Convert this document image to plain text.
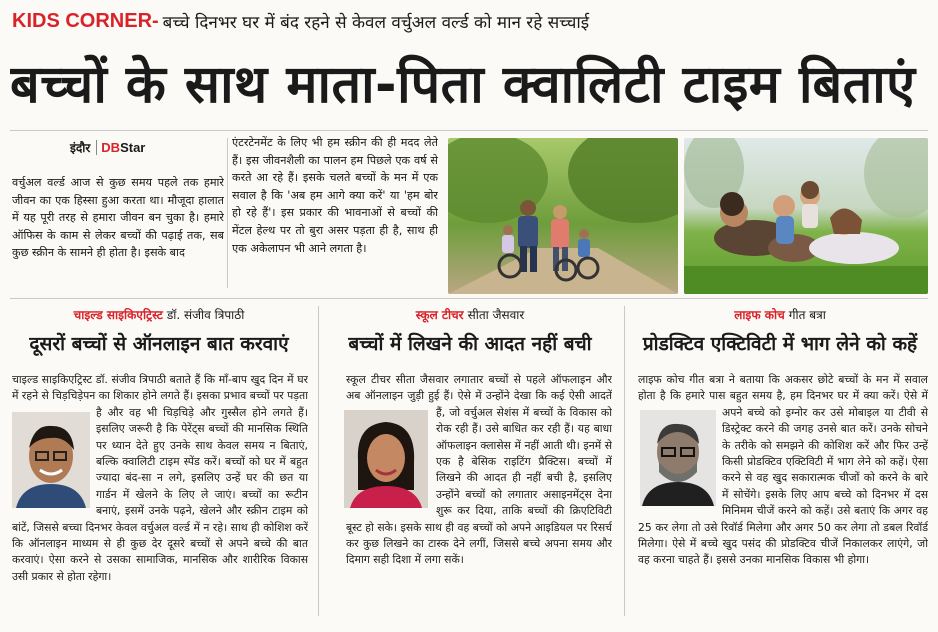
KIDS CORNER- बच्चे दिनभर घर में बंद रहने से केवल वर्चुअल वर्ल्ड को मान रहे सच्चाई
बच्चों के साथ माता-पिता क्वालिटी टाइम बिताएं
इंदौर DBStar
वर्चुअल वर्ल्ड आज से कुछ समय पहले तक हमारे जीवन का एक हिस्सा हुआ करता था। मौजूदा हालात में यह पूरी तरह से हमारा जीवन बन चुका है। हमारे ऑफिस के काम से लेकर बच्चों की पढ़ाई तक, सब कुछ स्क्रीन के सामने ही होता है। इसके बाद
एंटरटेनमेंट के लिए भी हम स्क्रीन की ही मदद लेते हैं। इस जीवनशैली का पालन हम पिछले एक वर्ष से करते आ रहे हैं। इसके चलते बच्चों के मन में एक सवाल है कि 'अब हम आगे क्या करें' या 'हम बोर हो रहे हैं'। इस प्रकार की भावनाओं से बच्चों की मेंटल हेल्थ पर तो बुरा असर पड़ता ही है, साथ ही एक अकेलापन भी आने लगता है।
चाइल्ड साइकिएट्रिस्ट डॉ. संजीव त्रिपाठी
दूसरों बच्चों से ऑनलाइन बात करवाएं
चाइल्ड साइकिएट्रिस्ट डॉ. संजीव त्रिपाठी बताते हैं कि माँ-बाप खुद दिन में घर में रहने से चिड़चिड़ेपन का शिकार होने लगते हैं। इसका प्रभाव बच्चों पर पड़ता है और वह भी चिड़चिड़े और गुस्सैल होने लगते हैं। इसलिए जरूरी है कि पेरेंट्स बच्चों की मानसिक स्थिति पर ध्यान देते हुए उनके साथ केवल समय न बिताएं, बल्कि क्वालिटी टाइम स्पेंड करें। बच्चों को घर में बहुत ज्यादा बंद-सा न लगे, इसलिए उन्हें घर की छत या गार्डन में खेलने के लिए ले जाएं। बच्चों का रूटीन बनाएं, इसमें उनके पढ़ने, खेलने और स्क्रीन टाइम को बांटें, जिससे बच्चा दिनभर केवल वर्चुअल वर्ल्ड में न रहे। साथ ही कोशिश करें कि ऑनलाइन माध्यम से ही कुछ देर दूसरे बच्चों से अपने बच्चे की बात करवाएं। ऐसा करने से उसका सामाजिक, मानसिक और शारीरिक विकास उसी प्रकार से होता रहेगा।
स्कूल टीचर सीता जैसवार
बच्चों में लिखने की आदत नहीं बची
स्कूल टीचर सीता जैसवार लगातार बच्चों से पहले ऑफलाइन और अब ऑनलाइन जुड़ी हुई हैं। ऐसे में उन्होंने देखा कि कई ऐसी आदतें हैं, जो वर्चुअल सेशंस में बच्चों के विकास को रोक रही हैं। उसे बाधित कर रही हैं। यह बाधा ऑफलाइन क्लासेस में नहीं आती थी। इनमें से एक है बेसिक राइटिंग प्रैक्टिस। बच्चों में लिखने की आदत ही नहीं बची है, इसलिए उन्होंने बच्चों को लगातार असाइनमेंट्स देना शुरू कर दिया, ताकि बच्चों की क्रिएटिविटी बूस्ट हो सके। इसके साथ ही वह बच्चों को अपने आइडियल पर रिसर्च कर कुछ लिखने का टास्क देने लगीं, जिससे बच्चे अपना समय और दिमाग सही दिशा में लगा सकें।
लाइफ कोच गीत बत्रा
प्रोडक्टिव एक्टिविटी में भाग लेने को कहें
लाइफ कोच गीत बत्रा ने बताया कि अकसर छोटे बच्चों के मन में सवाल होता है कि हमारे पास बहुत समय है, हम दिनभर घर में क्या करें। ऐसे में अपने बच्चे को इग्नोर कर उसे मोबाइल या टीवी से डिस्ट्रेक्ट करने की जगह उनसे बात करें। उनके सोचने के तरीके को समझने की कोशिश करें और फिर उन्हें किसी प्रोडक्टिव एक्टिविटी में भाग लेने को कहें। ऐसा करने से वह खुद सकारात्मक चीजों को करने के बारे में सोचेंगे। इसके लिए आप बच्चे को दिनभर में दस मिनिमम चीजें करने को कहें। उसे बताएं कि अगर वह 25 कर लेगा तो उसे रिवॉर्ड मिलेगा और अगर 50 कर लेगा तो डबल रिवॉर्ड मिलेगा। ऐसे में बच्चे खुद पसंद की प्रोडक्टिव चीजें निकालकर लाएंगे, जो वह करना चाहते हैं। इससे उनका मानसिक विकास भी होगा।
